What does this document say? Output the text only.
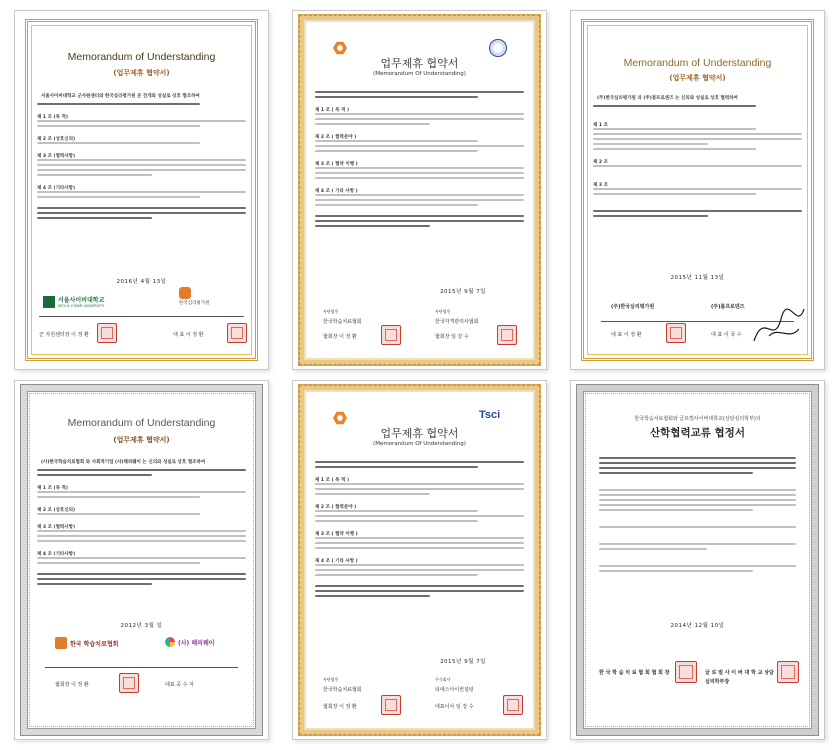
Memorandum of Understanding
(업무제휴 협약서)
서울사이버대학교 군자원센터와 한국심리평가원 본 전개와 성실로 상호 협조하여
제 1 조 (목 적)
제 2 조 (상호신의)
제 3 조 (협력사항)
제 4 조 (기타사항)
2016년 4월 13일
서울사이버대학교
SEOUL CYBER UNIVERSITY	한국심리평가원
군 자원센터장 이 정 환	대 표 이 정 환
업무제휴 협약서
(Memorandum Of Understanding)
제 1 조 ( 목 적 )
제 2 조 ( 협력분야 )
제 3 조 ( 협약 이행 )
제 4 조 ( 기타 사항 )
2015년 9월 7일
사단법인
한국학습치료협회
협회장 이 정 환
사단법인
한국자격관리사협회
협회장 임 강 수
Memorandum of Understanding
(업무제휴 협약서)
(주)한국심리평가원 과 (주)봄프로덴즈 는 신의와 성실로 상호 협력하여
제 1 조
제 2 조
제 3 조
2015년 11월 13일
(주)한국심리평가원	(주)봄프로덴즈
대 표 이 정 환	대 표 이 국 수
Memorandum of Understanding
(업무제휴 협약서)
(사)한국학습치료협회 와 사회적기업 (사)해피웨이 는 신의와 성실로 상호 협조하여
제 1 조 (목 적)
제 2 조 (상호신의)
제 3 조 (협력사항)
제 4 조 (기타사항)
2012년 3월 일
한국 학습치료협회	(사) 해피웨이
협회장 이 정 환	대표 공 수 자
Tsci
업무제휴 협약서
(Memorandum Of Understanding)
제 1 조 ( 목 적 )
제 2 조 ( 협력분야 )
제 3 조 ( 협약 이행 )
제 4 조 ( 기타 사항 )
2015년 9월 7일
사단법인
한국학습치료협회
협회장 이 정 환
주식회사
티에스아이컨설팅
대표이사 임 강 수
한국학습치료협회와 글로벌사이버대학교(상담심리학부)의
산학협력교류 협정서
2014년 12월 10일
한 국 학 습 치 료 협 회 협 회 장	글 로 벌 사 이 버 대 학 교 상담심리학부장
